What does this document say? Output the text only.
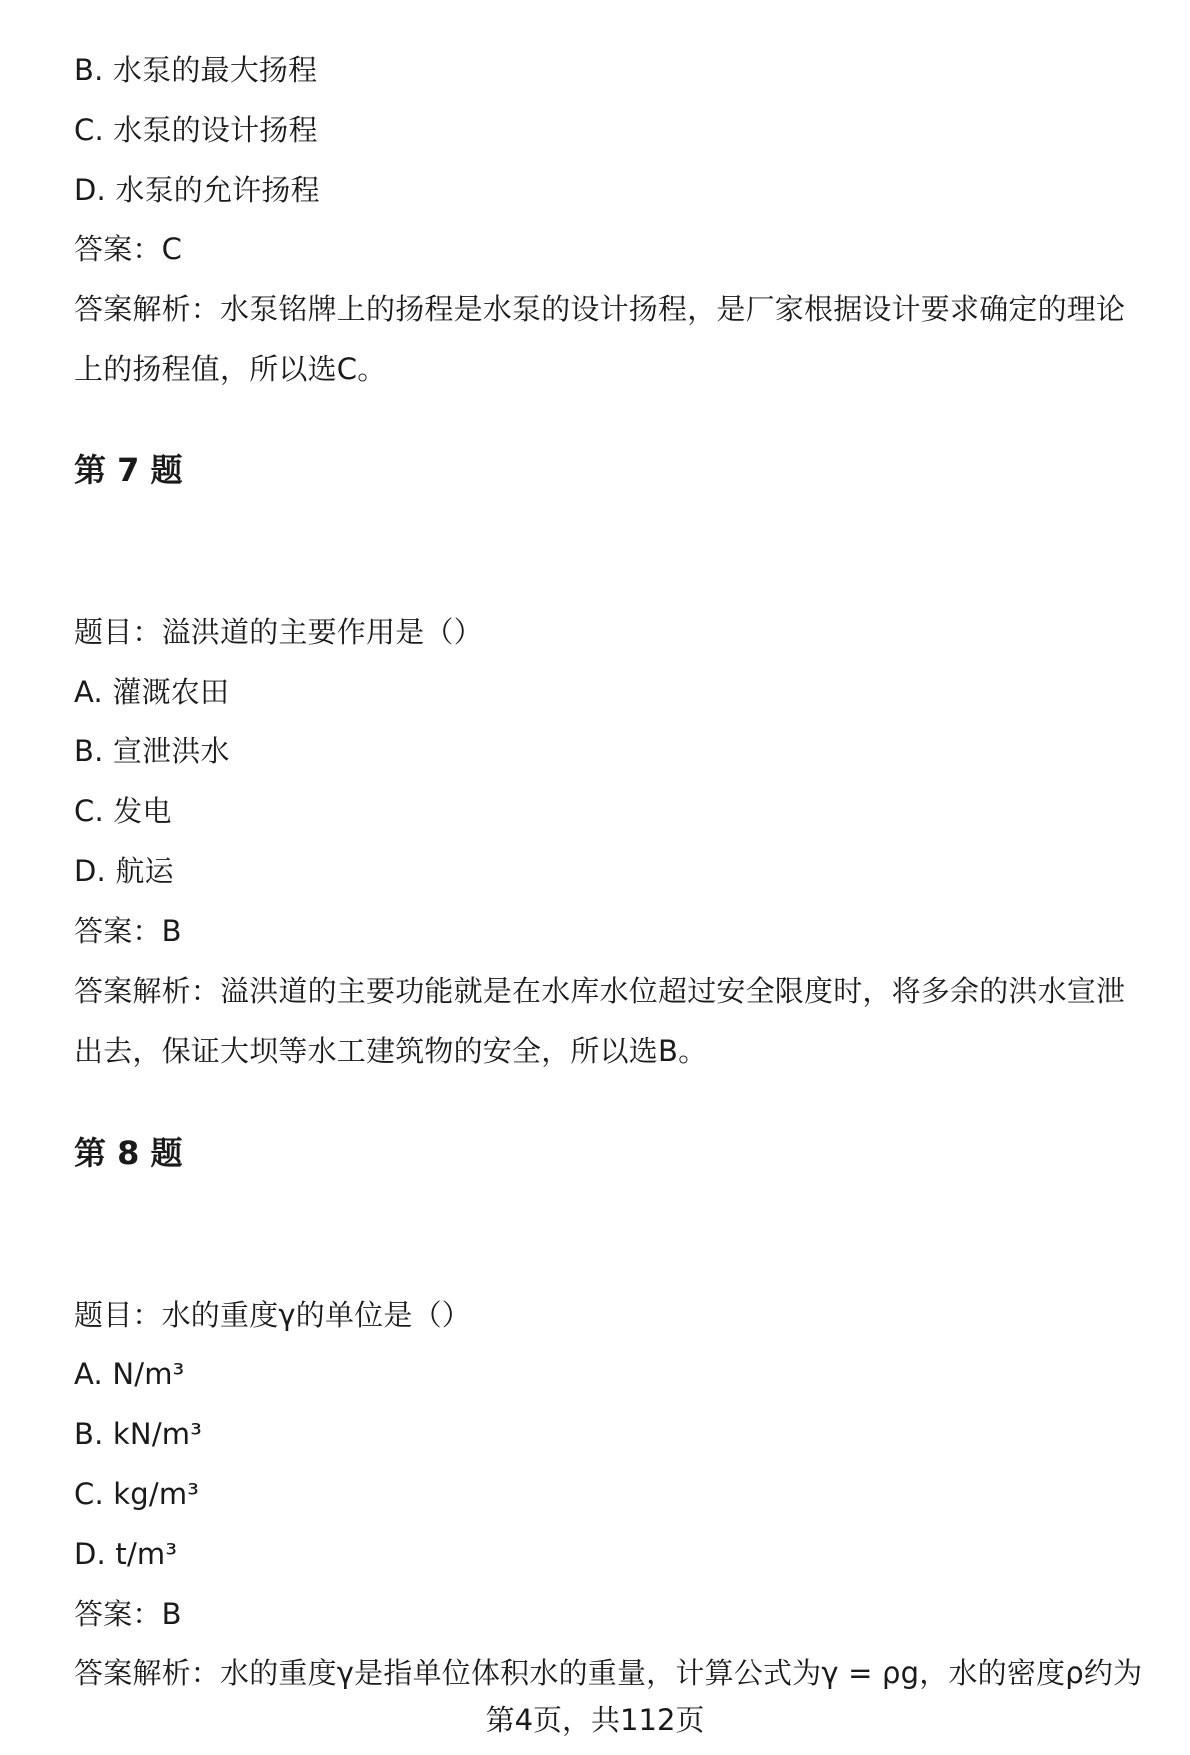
B. 水泵的最大扬程
C. 水泵的设计扬程
D. 水泵的允许扬程
答案：C
答案解析：水泵铭牌上的扬程是水泵的设计扬程，是厂家根据设计要求确定的理论
上的扬程值，所以选C。
第 7 题
题目：溢洪道的主要作用是（）
A. 灌溉农田
B. 宣泄洪水
C. 发电
D. 航运
答案：B
答案解析：溢洪道的主要功能就是在水库水位超过安全限度时，将多余的洪水宣泄
出去，保证大坝等水工建筑物的安全，所以选B。
第 8 题
题目：水的重度γ的单位是（）
A. N/m³
B. kN/m³
C. kg/m³
D. t/m³
答案：B
答案解析：水的重度γ是指单位体积水的重量，计算公式为γ = ρg，水的密度ρ约为
第4页，共112页
